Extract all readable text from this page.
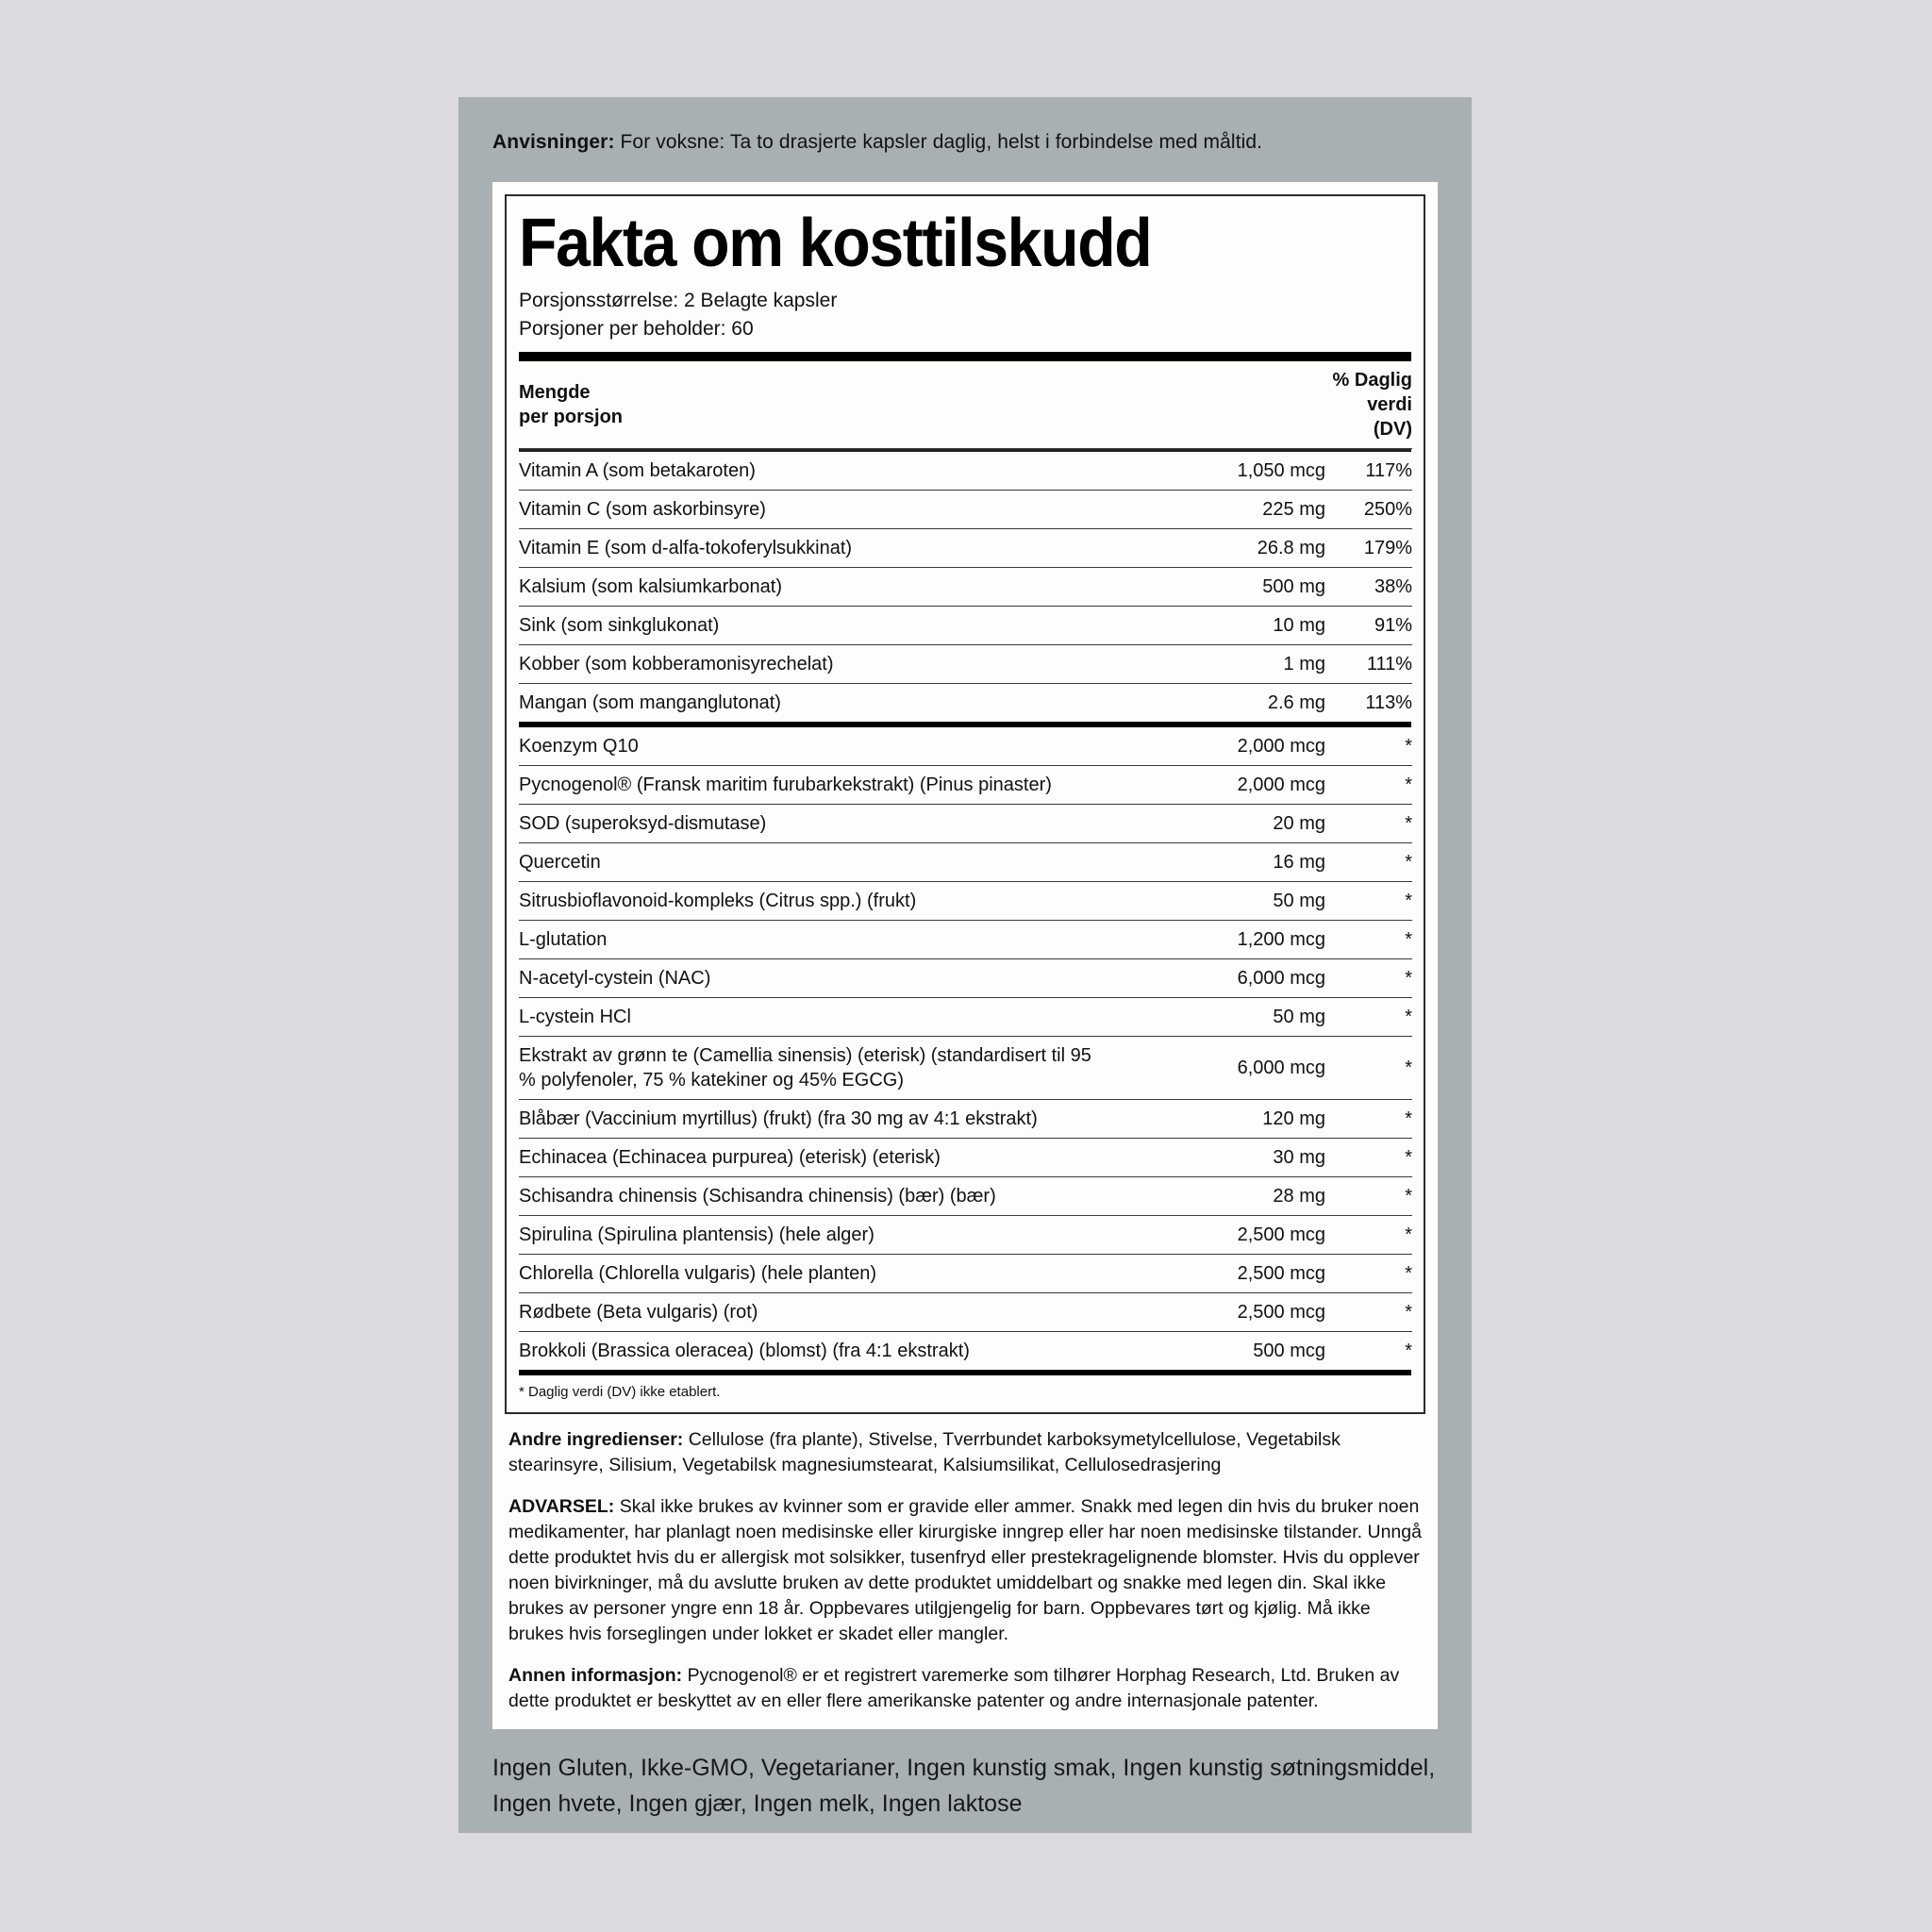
Anvisninger: For voksne: Ta to drasjerte kapsler daglig, helst i forbindelse med måltid.
Fakta om kosttilskudd
Porsjonsstørrelse: 2 Belagte kapsler
Porsjoner per beholder: 60
Mengde
per porsjon		% Daglig
verdi
(DV)
Vitamin A (som betakaroten)	1,050 mcg	117%
Vitamin C (som askorbinsyre)	225 mg	250%
Vitamin E (som d-alfa-tokoferylsukkinat)	26.8 mg	179%
Kalsium (som kalsiumkarbonat)	500 mg	38%
Sink (som sinkglukonat)	10 mg	91%
Kobber (som kobberamonisyrechelat)	1 mg	111%
Mangan (som manganglutonat)	2.6 mg	113%
Koenzym Q10	2,000 mcg	*
Pycnogenol® (Fransk maritim furubarkekstrakt) (Pinus pinaster)	2,000 mcg	*
SOD (superoksyd-dismutase)	20 mg	*
Quercetin	16 mg	*
Sitrusbioflavonoid-kompleks (Citrus spp.) (frukt)	50 mg	*
L-glutation	1,200 mcg	*
N-acetyl-cystein (NAC)	6,000 mcg	*
L-cystein HCl	50 mg	*
Ekstrakt av grønn te (Camellia sinensis) (eterisk) (standardisert til 95 % polyfenoler, 75 % katekiner og 45% EGCG)	6,000 mcg	*
Blåbær (Vaccinium myrtillus) (frukt) (fra 30 mg av 4:1 ekstrakt)	120 mg	*
Echinacea (Echinacea purpurea) (eterisk) (eterisk)	30 mg	*
Schisandra chinensis (Schisandra chinensis) (bær) (bær)	28 mg	*
Spirulina (Spirulina plantensis) (hele alger)	2,500 mcg	*
Chlorella (Chlorella vulgaris) (hele planten)	2,500 mcg	*
Rødbete (Beta vulgaris) (rot)	2,500 mcg	*
Brokkoli (Brassica oleracea) (blomst) (fra 4:1 ekstrakt)	500 mcg	*
* Daglig verdi (DV) ikke etablert.

Andre ingredienser: Cellulose (fra plante), Stivelse, Tverrbundet karboksymetylcellulose, Vegetabilsk stearinsyre, Silisium, Vegetabilsk magnesiumstearat, Kalsiumsilikat, Cellulosedrasjering

ADVARSEL: Skal ikke brukes av kvinner som er gravide eller ammer. Snakk med legen din hvis du bruker noen medikamenter, har planlagt noen medisinske eller kirurgiske inngrep eller har noen medisinske tilstander. Unngå dette produktet hvis du er allergisk mot solsikker, tusenfryd eller prestekragelignende blomster. Hvis du opplever noen bivirkninger, må du avslutte bruken av dette produktet umiddelbart og snakke med legen din. Skal ikke brukes av personer yngre enn 18 år. Oppbevares utilgjengelig for barn. Oppbevares tørt og kjølig. Må ikke brukes hvis forseglingen under lokket er skadet eller mangler.

Annen informasjon: Pycnogenol® er et registrert varemerke som tilhører Horphag Research, Ltd. Bruken av dette produktet er beskyttet av en eller flere amerikanske patenter og andre internasjonale patenter.

Ingen Gluten, Ikke-GMO, Vegetarianer, Ingen kunstig smak, Ingen kunstig søtningsmiddel, Ingen hvete, Ingen gjær, Ingen melk, Ingen laktose
